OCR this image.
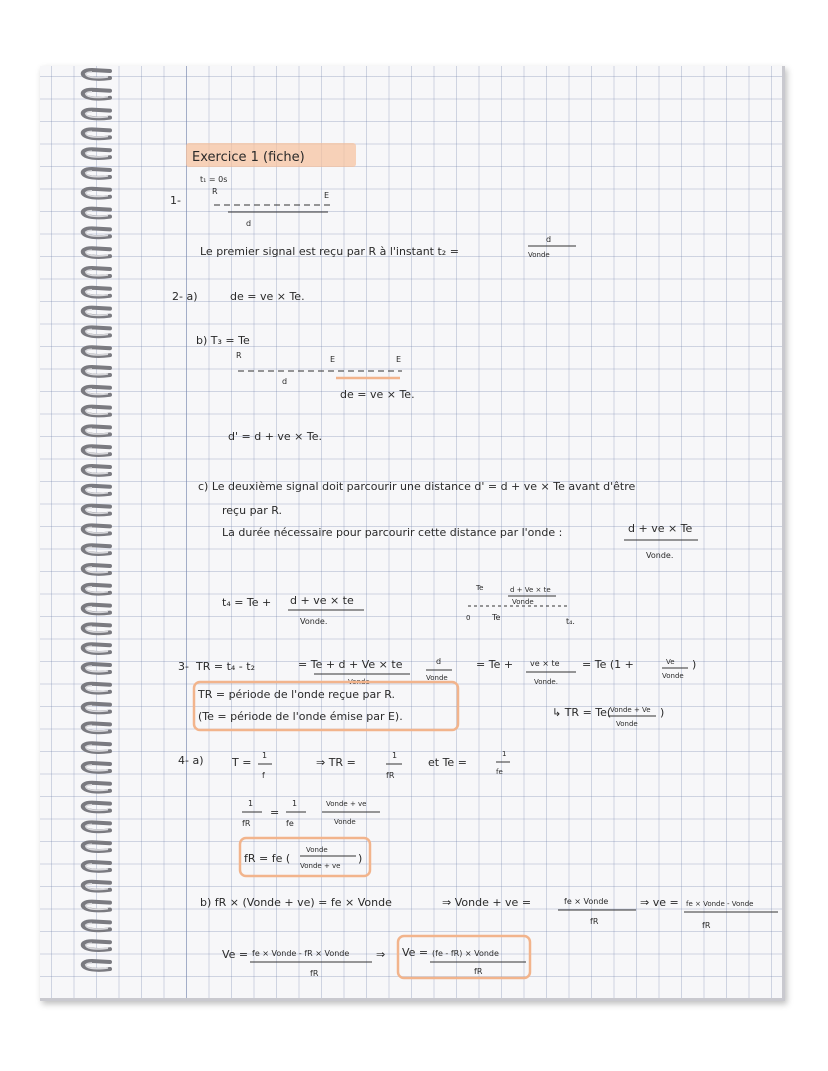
Exercice 1 (fiche)
t₁ = 0s
R	E
1-
d
Le premier signal est reçu par R à l'instant t₂ =
d
Vonde
2- a)	de = ve × Te.
b) T₃ = Te
R	E	E
d
de = ve × Te.
d' = d + ve × Te.
c) Le deuxième signal doit parcourir une distance d' = d + ve × Te avant d'être
reçu par R.
La durée nécessaire pour parcourir cette distance par l'onde :	d + ve × Te
Vonde.
t₄ = Te + d + ve × te
Vonde.
Te	d + Ve × te
Vonde
0	Te	t₄.
3- TR = t₄ - t₂	= Te + d + Ve × te
Vonde
d
Vonde
= Te + ve × te
Vonde.
= Te (1 +	Ve
Vonde
)
TR = période de l'onde reçue par R.
(Te = période de l'onde émise par E).	↳ TR = Te(
Vonde + Ve
Vonde
)
4- a)	T =
1
f
⇒ TR =
1
fR
et Te =
1
fe
1
fR
=
1
fe
Vonde + ve
Vonde
fR = fe (
Vonde
Vonde + ve
)
b) fR × (Vonde + ve) = fe × Vonde	⇒ Vonde + ve =	fe × Vonde
fR
⇒ ve = fe × Vonde - Vonde
fR
Ve = fe × Vonde - fR × Vonde
fR
⇒ Ve = (fe - fR) × Vonde
fR
